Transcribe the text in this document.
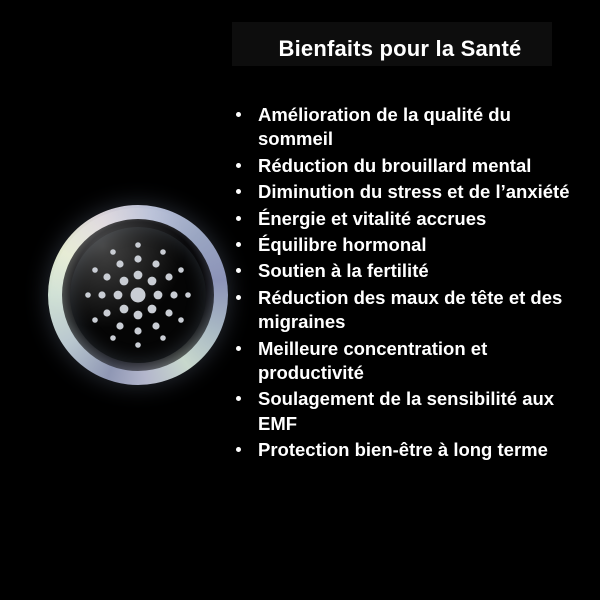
Bienfaits pour la Santé
Amélioration de la qualité du sommeil
Réduction du brouillard mental
Diminution du stress et de l’anxiété
Énergie et vitalité accrues
Équilibre hormonal
Soutien à la fertilité
Réduction des maux de tête et des migraines
Meilleure concentration et productivité
Soulagement de la sensibilité aux EMF
Protection bien-être à long terme
